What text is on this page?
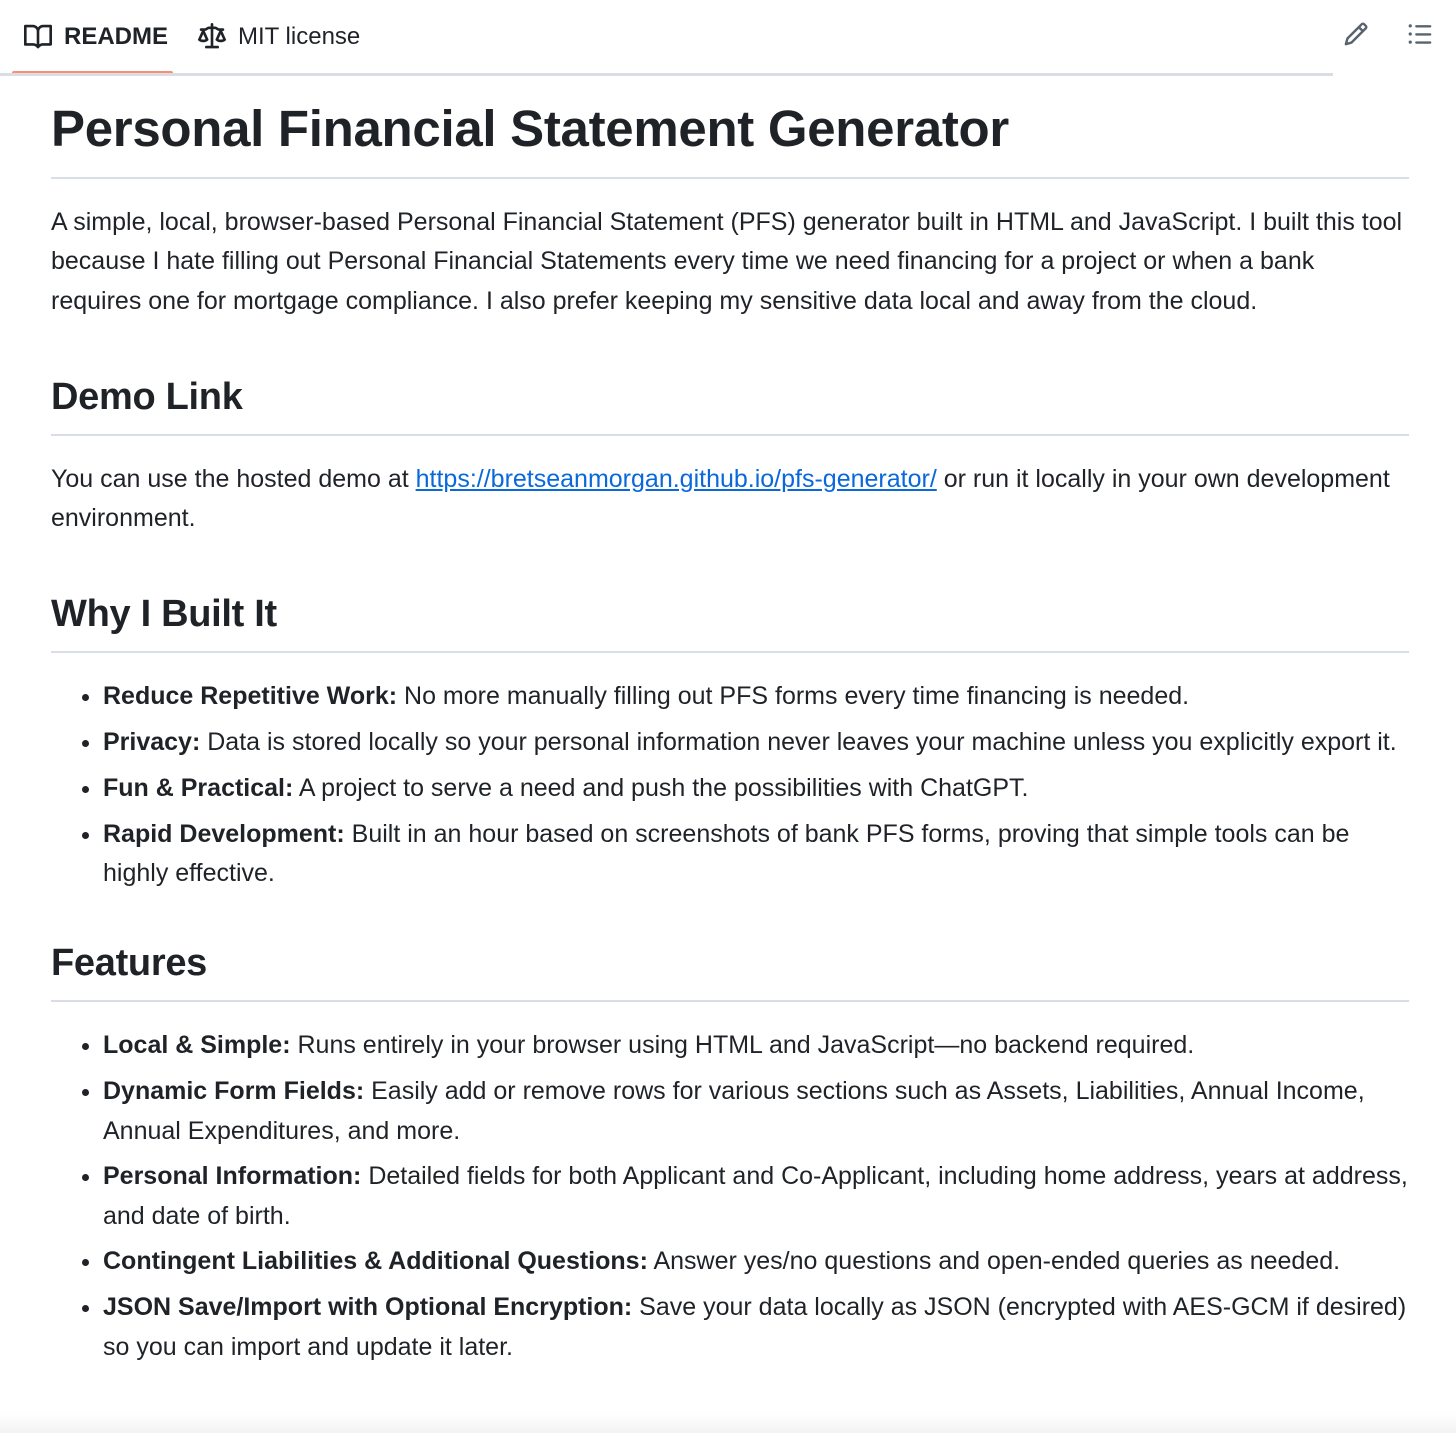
README	MIT license
Personal Financial Statement Generator

A simple, local, browser-based Personal Financial Statement (PFS) generator built in HTML and JavaScript. I built this tool because I hate filling out Personal Financial Statements every time we need financing for a project or when a bank requires one for mortgage compliance. I also prefer keeping my sensitive data local and away from the cloud.

Demo Link

You can use the hosted demo at https://bretseanmorgan.github.io/pfs-generator/ or run it locally in your own development environment.

Why I Built It
• Reduce Repetitive Work: No more manually filling out PFS forms every time financing is needed.
• Privacy: Data is stored locally so your personal information never leaves your machine unless you explicitly export it.
• Fun & Practical: A project to serve a need and push the possibilities with ChatGPT.
• Rapid Development: Built in an hour based on screenshots of bank PFS forms, proving that simple tools can be highly effective.
Features
• Local & Simple: Runs entirely in your browser using HTML and JavaScript—no backend required.
• Dynamic Form Fields: Easily add or remove rows for various sections such as Assets, Liabilities, Annual Income, Annual Expenditures, and more.
• Personal Information: Detailed fields for both Applicant and Co-Applicant, including home address, years at address, and date of birth.
• Contingent Liabilities & Additional Questions: Answer yes/no questions and open-ended queries as needed.
• JSON Save/Import with Optional Encryption: Save your data locally as JSON (encrypted with AES-GCM if desired) so you can import and update it later.
